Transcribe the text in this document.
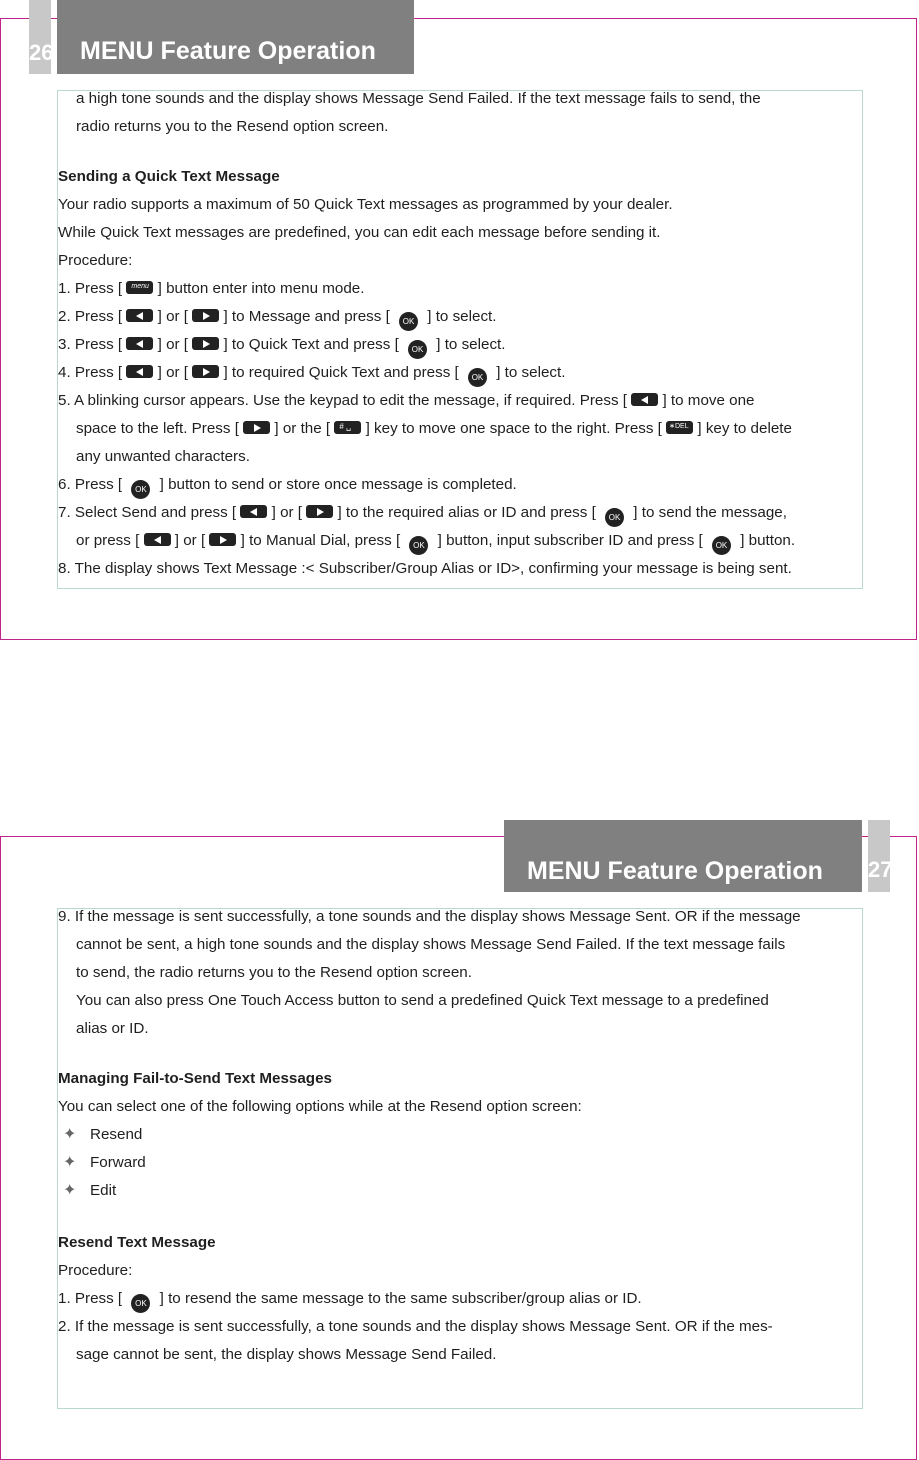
26 MENU Feature Operation
a high tone sounds and the display shows Message Send Failed. If the text message fails to send, the
radio returns you to the Resend option screen.
Sending a Quick Text Message
Your radio supports a maximum of 50 Quick Text messages as programmed by your dealer.
While Quick Text messages are predefined, you can edit each message before sending it.
Procedure:
1. Press [ menu ] button enter into menu mode.
2. Press [ ] or [ ] to Message and press [ OK ] to select.
3. Press [ ] or [ ] to Quick Text and press [ OK ] to select.
4. Press [ ] or [ ] to required Quick Text and press [ OK ] to select.
5. A blinking cursor appears. Use the keypad to edit the message, if required. Press [ ] to move one
space to the left. Press [ ] or the [ # ␣ ] key to move one space to the right. Press [ ∗DEL ] key to delete
any unwanted characters.
6. Press [ OK ] button to send or store once message is completed.
7. Select Send and press [ ] or [ ] to the required alias or ID and press [ OK ] to send the message,
or press [ ] or [ ] to Manual Dial, press [ OK ] button, input subscriber ID and press [ OK ] button.
8. The display shows Text Message :< Subscriber/Group Alias or ID>, confirming your message is being sent.
MENU Feature Operation 27
9. If the message is sent successfully, a tone sounds and the display shows Message Sent. OR if the message
cannot be sent, a high tone sounds and the display shows Message Send Failed. If the text message fails
to send, the radio returns you to the Resend option screen.
You can also press One Touch Access button to send a predefined Quick Text message to a predefined
alias or ID.
Managing Fail-to-Send Text Messages
You can select one of the following options while at the Resend option screen:
✦ Resend
✦ Forward
✦ Edit
Resend Text Message
Procedure:
1. Press [ OK ] to resend the same message to the same subscriber/group alias or ID.
2. If the message is sent successfully, a tone sounds and the display shows Message Sent. OR if the mes-
sage cannot be sent, the display shows Message Send Failed.
